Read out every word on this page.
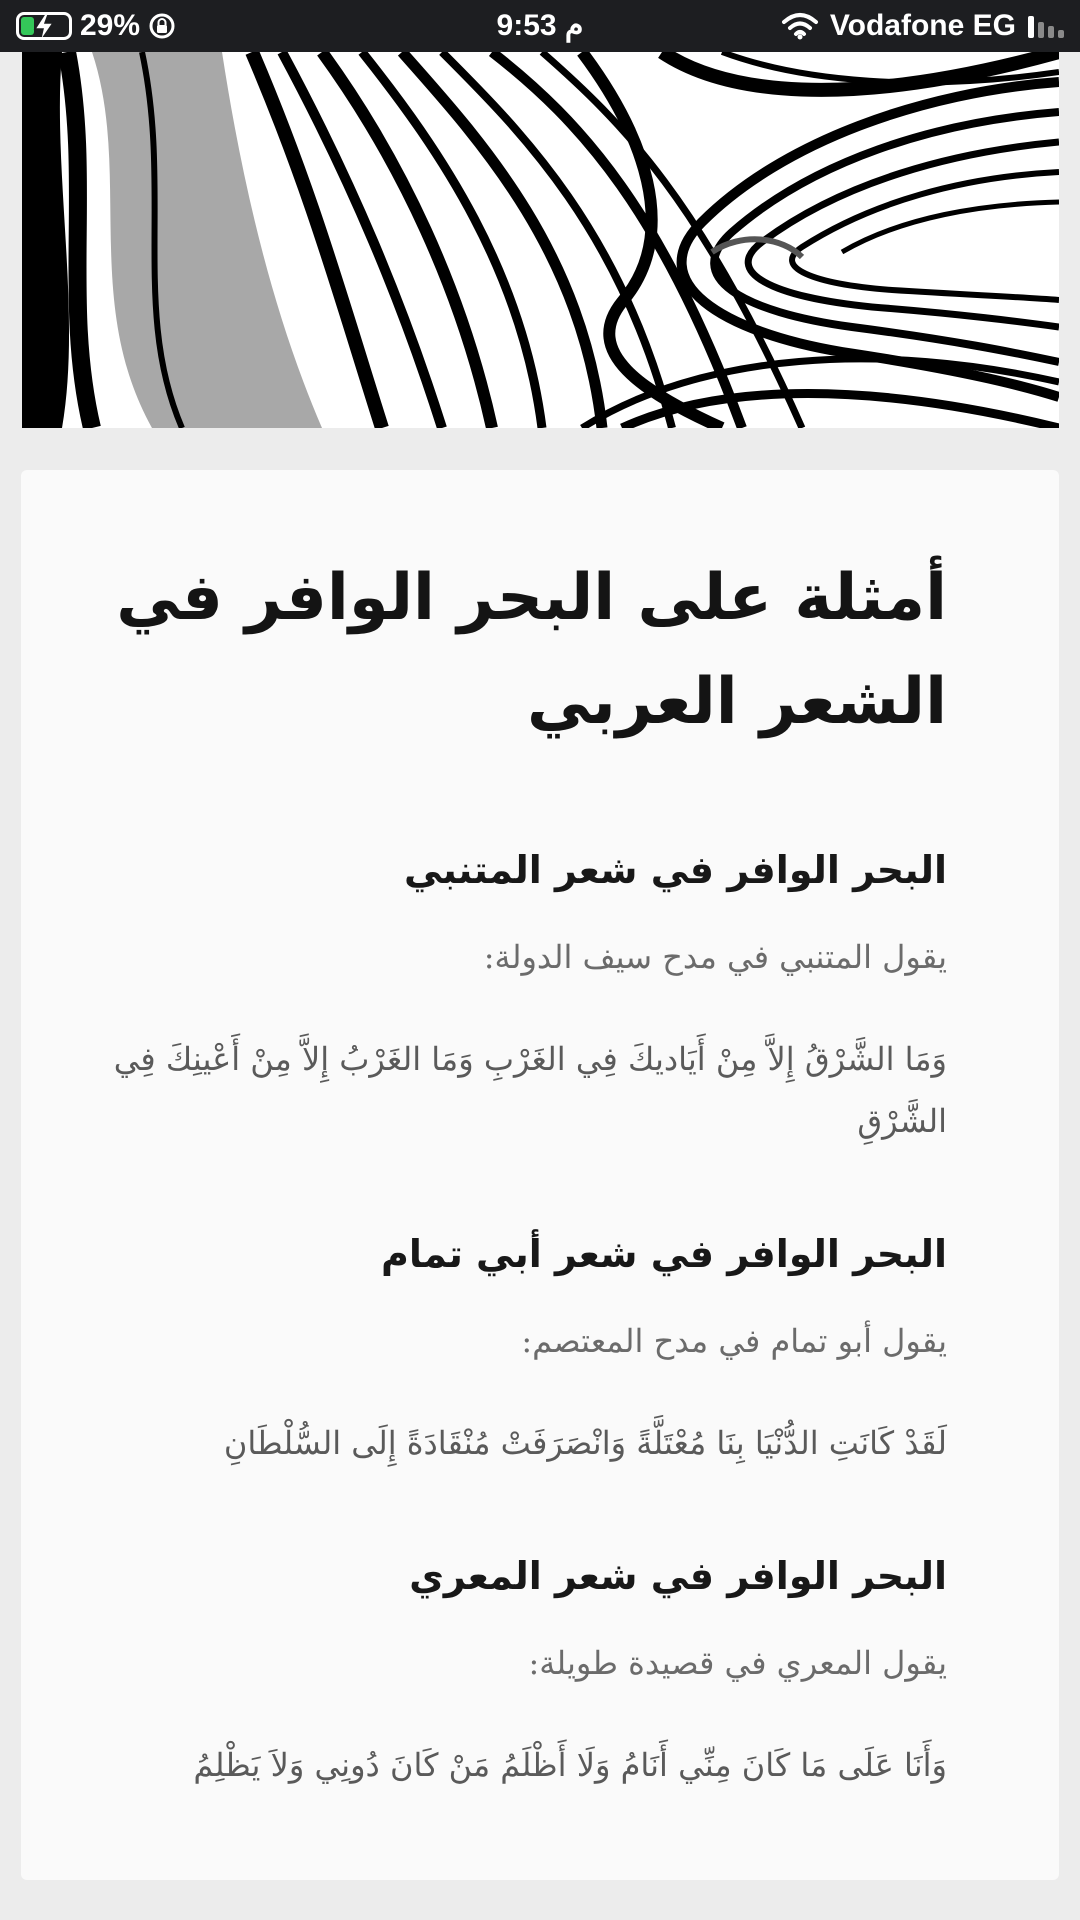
29%	9:53 م	Vodafone EG
أمثلة على البحر الوافر في الشعر العربي
البحر الوافر في شعر المتنبي

يقول المتنبي في مدح سيف الدولة:

وَمَا الشَّرْقُ إِلاَّ مِنْ أَيَاديكَ فِي الغَرْبِ وَمَا الغَرْبُ إِلاَّ مِنْ أَعْينِكَ فِي الشَّرْقِ

البحر الوافر في شعر أبي تمام

يقول أبو تمام في مدح المعتصم:

لَقَدْ كَانَتِ الدُّنْيَا بِنَا مُعْتَلَّةً وَانْصَرَفَتْ مُنْقَادَةً إِلَى السُّلْطَانِ

البحر الوافر في شعر المعري

يقول المعري في قصيدة طويلة:

وَأَنَا عَلَى مَا كَانَ مِنِّي أَنَامُ وَلَا أَظْلَمُ مَنْ كَانَ دُونِي وَلاَ يَظْلِمُ
